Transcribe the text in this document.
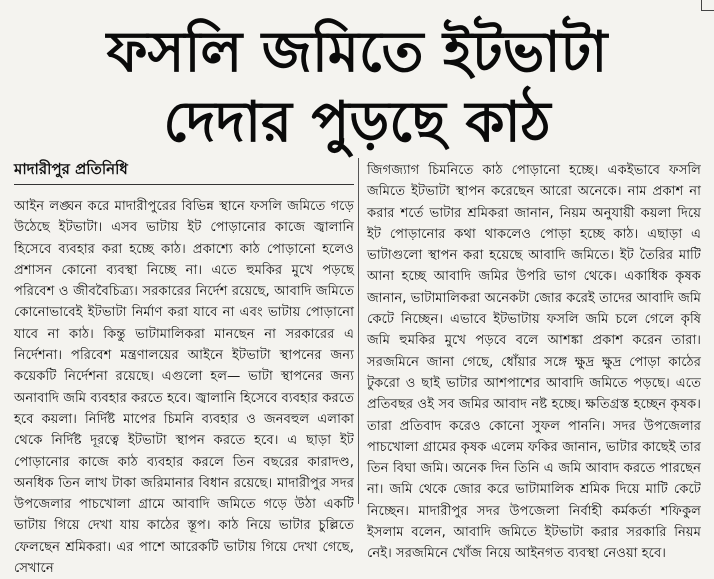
ফসলি জমিতে ইটভাটা
দেদার পুড়ছে কাঠ
মাদারীপুর প্রতিনিধি
আইন লঙ্ঘন করে মাদারীপুরের বিভিন্ন স্থানে ফসলি জমিতে গড়ে উঠেছে ইটভাটা। এসব ভাটায় ইট পোড়ানোর কাজে জ্বালানি হিসেবে ব্যবহার করা হচ্ছে কাঠ। প্রকাশ্যে কাঠ পোড়ানো হলেও প্রশাসন কোনো ব্যবস্থা নিচ্ছে না। এতে হুমকির মুখে পড়ছে পরিবেশ ও জীববৈচিত্র্য। সরকারের নির্দেশ রয়েছে, আবাদি জমিতে কোনোভাবেই ইটভাটা নির্মাণ করা যাবে না এবং ভাটায় পোড়ানো যাবে না কাঠ। কিন্তু ভাটামালিকরা মানছেন না সরকারের এ নির্দেশনা। পরিবেশ মন্ত্রণালয়ের আইনে ইটভাটা স্থাপনের জন্য কয়েকটি নির্দেশনা রয়েছে। এগুলো হল— ভাটা স্থাপনের জন্য অনাবাদি জমি ব্যবহার করতে হবে। জ্বালানি হিসেবে ব্যবহার করতে হবে কয়লা। নির্দিষ্ট মাপের চিমনি ব্যবহার ও জনবহুল এলাকা থেকে নির্দিষ্ট দূরত্বে ইটভাটা স্থাপন করতে হবে। এ ছাড়া ইট পোড়ানোর কাজে কাঠ ব্যবহার করলে তিন বছরের কারাদণ্ড, অনধিক তিন লাখ টাকা জরিমানার বিধান রয়েছে। মাদারীপুর সদর উপজেলার পাচখোলা গ্রামে আবাদি জমিতে গড়ে উঠা একটি ভাটায় গিয়ে দেখা যায় কাঠের স্তূপ। কাঠ নিয়ে ভাটার চুল্লিতে ফেলছেন শ্রমিকরা। এর পাশে আরেকটি ভাটায় গিয়ে দেখা গেছে, সেখানে
জিগজ্যাগ চিমনিতে কাঠ পোড়ানো হচ্ছে। একইভাবে ফসলি জমিতে ইটভাটা স্থাপন করেছেন আরো অনেকে। নাম প্রকাশ না করার শর্তে ভাটার শ্রমিকরা জানান, নিয়ম অনুযায়ী কয়লা দিয়ে ইট পোড়ানোর কথা থাকলেও পোড়া হচ্ছে কাঠ। এছাড়া এ ভাটাগুলো স্থাপন করা হয়েছে আবাদি জমিতে। ইট তৈরির মাটি আনা হচ্ছে আবাদি জমির উপরি ভাগ থেকে। একাধিক কৃষক জানান, ভাটামালিকরা অনেকটা জোর করেই তাদের আবাদি জমি কেটে নিচ্ছেন। এভাবে ইটভাটায় ফসলি জমি চলে গেলে কৃষি জমি হুমকির মুখে পড়বে বলে আশঙ্কা প্রকাশ করেন তারা। সরজমিনে জানা গেছে, ধোঁয়ার সঙ্গে ক্ষুদ্র ক্ষুদ্র পোড়া কাঠের টুকরো ও ছাই ভাটার আশপাশের আবাদি জমিতে পড়ছে। এতে প্রতিবছর ওই সব জমির আবাদ নষ্ট হচ্ছে। ক্ষতিগ্রস্ত হচ্ছেন কৃষক। তারা প্রতিবাদ করেও কোনো সুফল পাননি। সদর উপজেলার পাচখোলা গ্রামের কৃষক এলেম ফকির জানান, ভাটার কাছেই তার তিন বিঘা জমি। অনেক দিন তিনি এ জমি আবাদ করতে পারছেন না। জমি থেকে জোর করে ভাটামালিক শ্রমিক দিয়ে মাটি কেটে নিচ্ছেন। মাদারীপুর সদর উপজেলা নির্বাহী কর্মকর্তা শফিকুল ইসলাম বলেন, আবাদি জমিতে ইটভাটা করার সরকারি নিয়ম নেই। সরজমিনে খোঁজ নিয়ে আইনগত ব্যবস্থা নেওয়া হবে।
